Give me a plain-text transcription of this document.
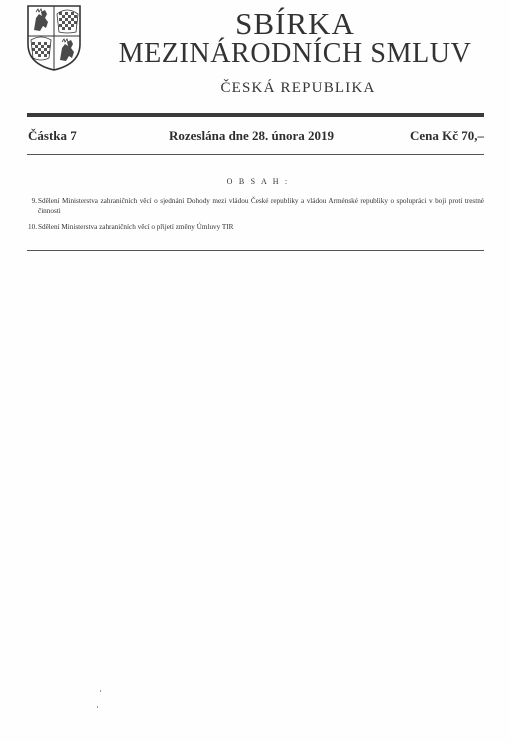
SBÍRKA
MEZINÁRODNÍCH SMLUV
ČESKÁ REPUBLIKA
Částka 7	Rozeslána dne 28. února 2019	Cena Kč 70,–
O B S A H :
9. Sdělení Ministerstva zahraničních věcí o sjednání Dohody mezi vládou České republiky a vládou Arménské republiky o spolupráci v boji proti trestné činnosti
10. Sdělení Ministerstva zahraničních věcí o přijetí změny Úmluvy TIR
